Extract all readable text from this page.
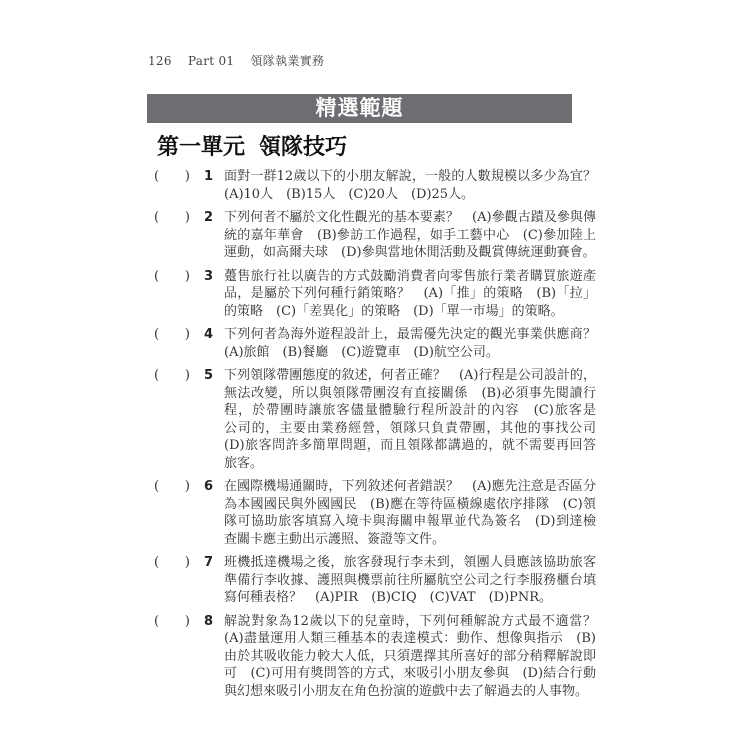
126 Part 01 領隊執業實務
精選範題
第一單元 領隊技巧
( ) 1 面對一群12歲以下的小朋友解說，一般的人數規模以多少為宜？
(A)10人　(B)15人　(C)20人　(D)25人。
( ) 2 下列何者不屬於文化性觀光的基本要素？　(A)參觀古蹟及參與傳
統的嘉年華會　(B)參訪工作過程，如手工藝中心　(C)參加陸上
運動，如高爾夫球　(D)參與當地休閒活動及觀賞傳統運動賽會。
( ) 3 躉售旅行社以廣告的方式鼓勵消費者向零售旅行業者購買旅遊產
品，是屬於下列何種行銷策略？　(A)「推」的策略　(B)「拉」
的策略　(C)「差異化」的策略　(D)「單一市場」的策略。
( ) 4 下列何者為海外遊程設計上，最需優先決定的觀光事業供應商？
(A)旅館　(B)餐廳　(C)遊覽車　(D)航空公司。
( ) 5 下列領隊帶團態度的敘述，何者正確？　(A)行程是公司設計的，
無法改變，所以與領隊帶團沒有直接關係　(B)必須事先閱讀行
程，於帶團時讓旅客儘量體驗行程所設計的內容　(C)旅客是
公司的，主要由業務經營，領隊只負責帶團，其他的事找公司
(D)旅客問許多簡單問題，而且領隊都講過的，就不需要再回答
旅客。
( ) 6 在國際機場通關時，下列敘述何者錯誤？　(A)應先注意是否區分
為本國國民與外國國民　(B)應在等待區橫線處依序排隊　(C)領
隊可協助旅客填寫入境卡與海關申報單並代為簽名　(D)到達檢
查關卡應主動出示護照、簽證等文件。
( ) 7 班機抵達機場之後，旅客發現行李未到，領團人員應該協助旅客
準備行李收據、護照與機票前往所屬航空公司之行李服務櫃台填
寫何種表格？　(A)PIR　(B)CIQ　(C)VAT　(D)PNR。
( ) 8 解說對象為12歲以下的兒童時，下列何種解說方式最不適當？
(A)盡量運用人類三種基本的表達模式：動作、想像與指示　(B)
由於其吸收能力較大人低，只須選擇其所喜好的部分稍釋解說即
可　(C)可用有獎問答的方式，來吸引小朋友參與　(D)結合行動
與幻想來吸引小朋友在角色扮演的遊戲中去了解過去的人事物。
